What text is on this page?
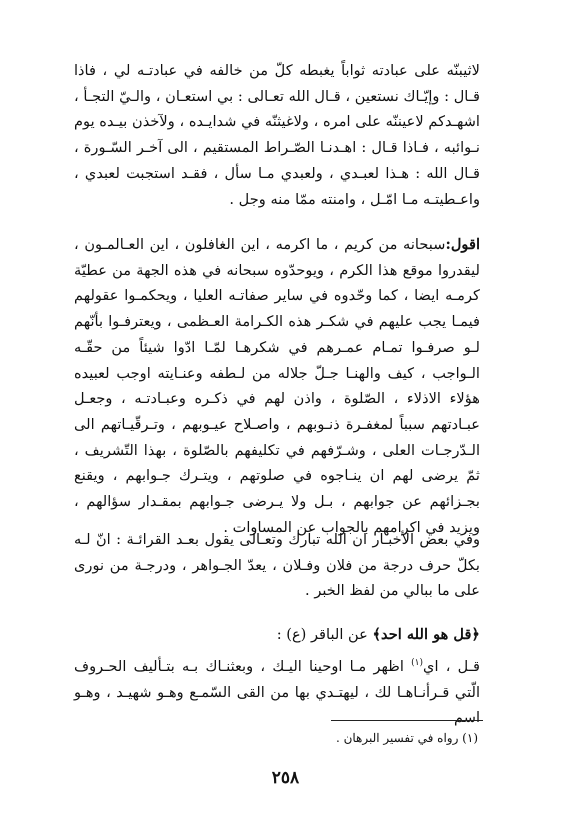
لاثيبنّه على عبادته ثواباً يغبطه كلّ من خالفه في عبادتـه لي ، فاذا قـال : وإيّـاك نستعين ، قـال الله تعـالى : بي استعـان ، والـيّ التجـأ ، اشهـدكم لاعيننّه على امره ، ولاغيثنّه في شدايـده ، ولآخذن بيـده يوم نـوائبه ، فـاذا قـال : اهـدنـا الصّـراط المستقيم ، الى آخـر السّـورة ، قـال الله : هـذا لعبـدي ، ولعبدي مـا سأل ، فقـد استجبت لعبدي ، واعـطيتـه مـا امّـل ، وامنته ممّا منه وجل .

اقول:سبحانه من كريم ، ما اكرمه ، اين الغافلون ، اين العـالمـون ، ليقدروا موقع هذا الكرم ، ويوحدّوه سبحانه في هذه الجهة من عطيّة كرمـه ايضا ، كما وحّدوه في ساير صفاتـه العليا ، ويحكمـوا عقولهم فيمـا يجب عليهم في شكـر هذه الكـرامة العـظمى ، ويعترفـوا بأنّهم لـو صرفـوا تمـام عمـرهم في شكرهـا لمّـا ادّوا شيئاً من حقّـه الـواجب ، كيف والهنـا جـلّ جلاله من لـطفه وعنـايته اوجب لعبيده هؤلاء الاذلاء ، الصّلوة ، واذن لهم في ذكـره وعبـادتـه ، وجعـل عبـادتهم سبباً لمغفـرة ذنـوبهم ، واصـلاح عيـوبهم ، وتـرقّيـاتهم الى الـدّرجـات العلى ، وشـرّفهم في تكليفهم بالصّلوة ، بهذا التّشريف ، ثمّ يرضى لهم ان ينـاجوه في صلوتهم ، ويتـرك جـوابهم ، ويقنع بجـزائهم عن جوابهم ، بـل ولا يـرضى جـوابهم بمقـدار سؤالهم ، ويزيد في اكرامهم بالجواب عن المساوات .

وفي بعض الأخبـار ان الله تبارك وتعـالى يقول بعـد القرائـة : انّ لـه بكلّ حرف درجة من فلان وفـلان ، يعدّ الجـواهر ، ودرجـة من نورى على ما ببالي من لفظ الخبر .

﴿قل هو الله احد﴾ عن الباقر (ع) :

قـل ، اي$^{(١)}$ اظهر مـا اوحينا اليـك ، وبعثنـاك بـه بتـأليف الحـروف الّتي قـرأنـاهـا لك ، ليهتـدي بها من القى السّمـع وهـو شهيـد ، وهـو اسم

(١) رواه في تفسير البرهان .

٢٥٨
